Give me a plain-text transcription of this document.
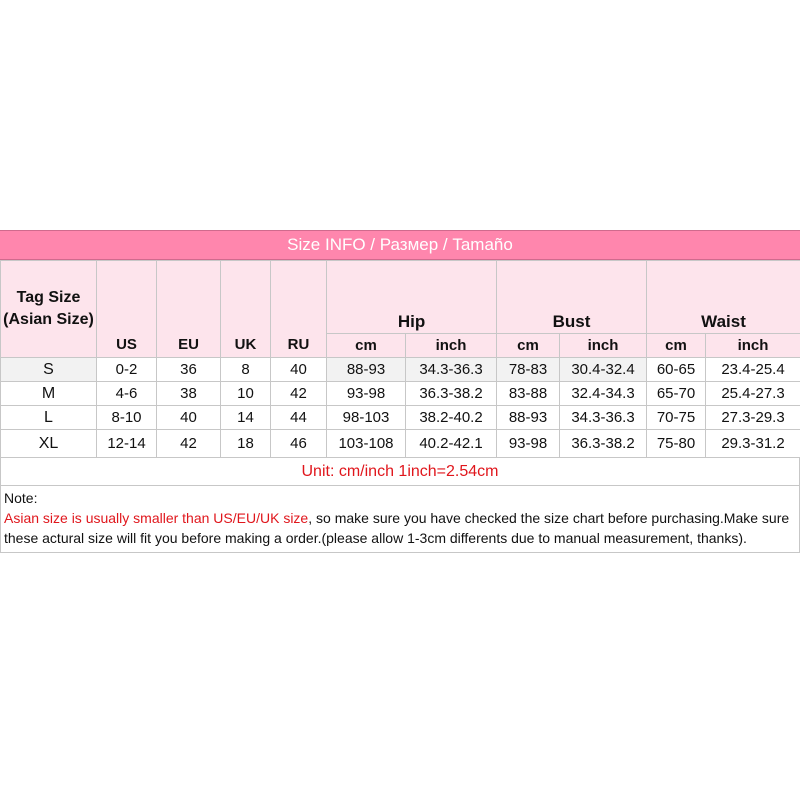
Size INFO / Размер / Tamaño
Tag Size (Asian Size)	US	EU	UK	RU	Hip		Bust		Waist	
					cm	inch	cm	inch	cm	inch
S	0-2	36	8	40	88-93	34.3-36.3	78-83	30.4-32.4	60-65	23.4-25.4
M	4-6	38	10	42	93-98	36.3-38.2	83-88	32.4-34.3	65-70	25.4-27.3
L	8-10	40	14	44	98-103	38.2-40.2	88-93	34.3-36.3	70-75	27.3-29.3
XL	12-14	42	18	46	103-108	40.2-42.1	93-98	36.3-38.2	75-80	29.3-31.2
Unit: cm/inch 1inch=2.54cm
Note:
Asian size is usually smaller than US/EU/UK size, so make sure you have checked the size chart before purchasing.Make sure these actural size will fit you before making a order.(please allow 1-3cm differents due to manual measurement, thanks).
